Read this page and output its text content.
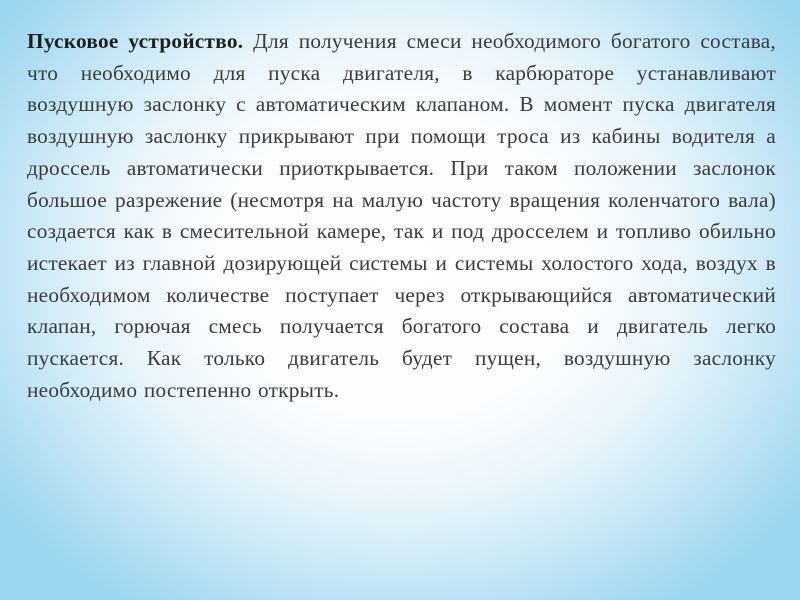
Пусковое устройство. Для получения смеси необходимого богатого состава, что необходимо для пуска двигателя, в карбюраторе устанавливают воздушную заслонку с автоматическим клапаном. В момент пуска двигателя воздушную заслонку прикрывают при помощи троса из кабины водителя а дроссель автоматически приоткрывается. При таком положении заслонок большое разрежение (несмотря на малую частоту вращения коленчатого вала) создается как в смесительной камере, так и под дросселем и топливо обильно истекает из главной дозирующей системы и системы холостого хода, воздух в необходимом количестве поступает через открывающийся автоматический клапан, горючая смесь получается богатого состава и двигатель легко пускается. Как только двигатель будет пущен, воздушную заслонку необходимо постепенно открыть.
